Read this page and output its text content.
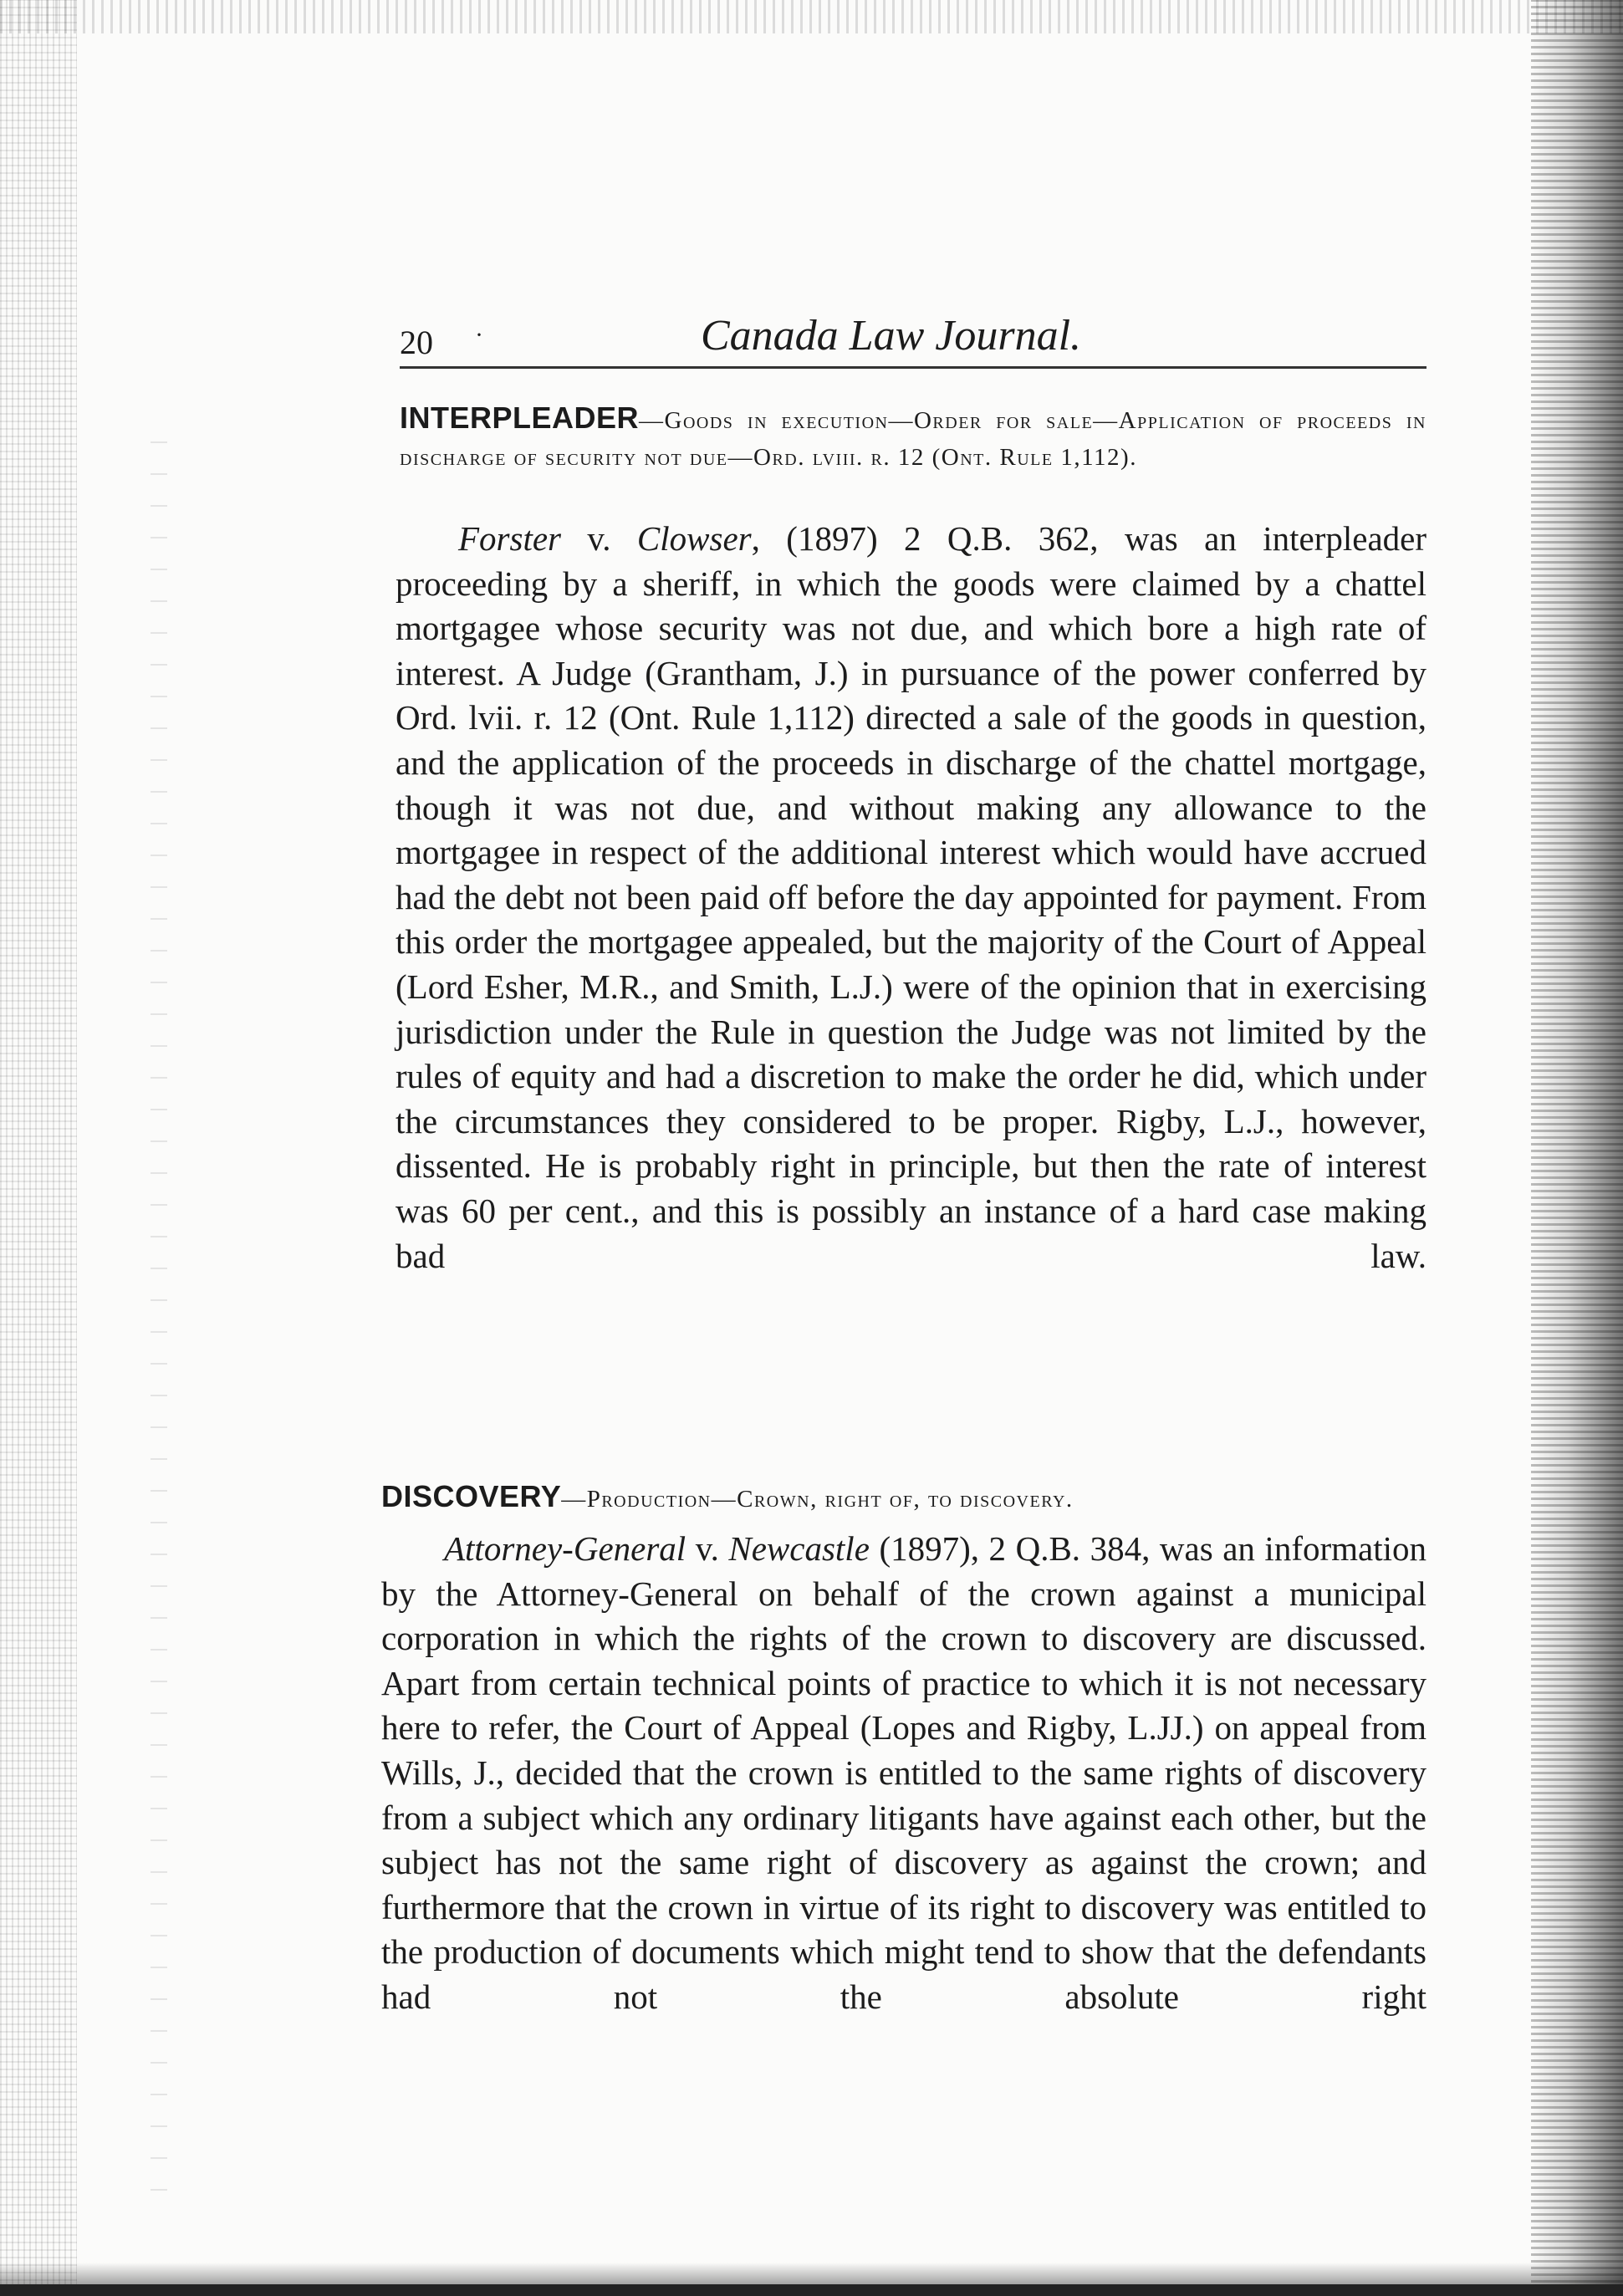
20 ·	Canada Law Journal.
INTERPLEADER—Goods in execution—Order for sale—Application of proceeds in discharge of security not due—Ord. lviii. r. 12 (Ont. Rule 1,112).
Forster v. Clowser, (1897) 2 Q.B. 362, was an interpleader proceeding by a sheriff, in which the goods were claimed by a chattel mortgagee whose security was not due, and which bore a high rate of interest. A Judge (Grantham, J.) in pursuance of the power conferred by Ord. lvii. r. 12 (Ont. Rule 1,112) directed a sale of the goods in question, and the application of the proceeds in discharge of the chattel mortgage, though it was not due, and without making any allowance to the mortgagee in respect of the additional interest which would have accrued had the debt not been paid off before the day appointed for payment. From this order the mortgagee appealed, but the majority of the Court of Appeal (Lord Esher, M.R., and Smith, L.J.) were of the opinion that in exercising jurisdiction under the Rule in question the Judge was not limited by the rules of equity and had a discretion to make the order he did, which under the circumstances they considered to be proper. Rigby, L.J., however, dissented. He is probably right in principle, but then the rate of interest was 60 per cent., and this is possibly an instance of a hard case making bad law.
DISCOVERY—Production—Crown, right of, to discovery.
Attorney-General v. Newcastle (1897), 2 Q.B. 384, was an information by the Attorney-General on behalf of the crown against a municipal corporation in which the rights of the crown to discovery are discussed. Apart from certain technical points of practice to which it is not necessary here to refer, the Court of Appeal (Lopes and Rigby, L.JJ.) on appeal from Wills, J., decided that the crown is entitled to the same rights of discovery from a subject which any ordinary litigants have against each other, but the subject has not the same right of discovery as against the crown; and furthermore that the crown in virtue of its right to discovery was entitled to the production of documents which might tend to show that the defendants had not the absolute right
